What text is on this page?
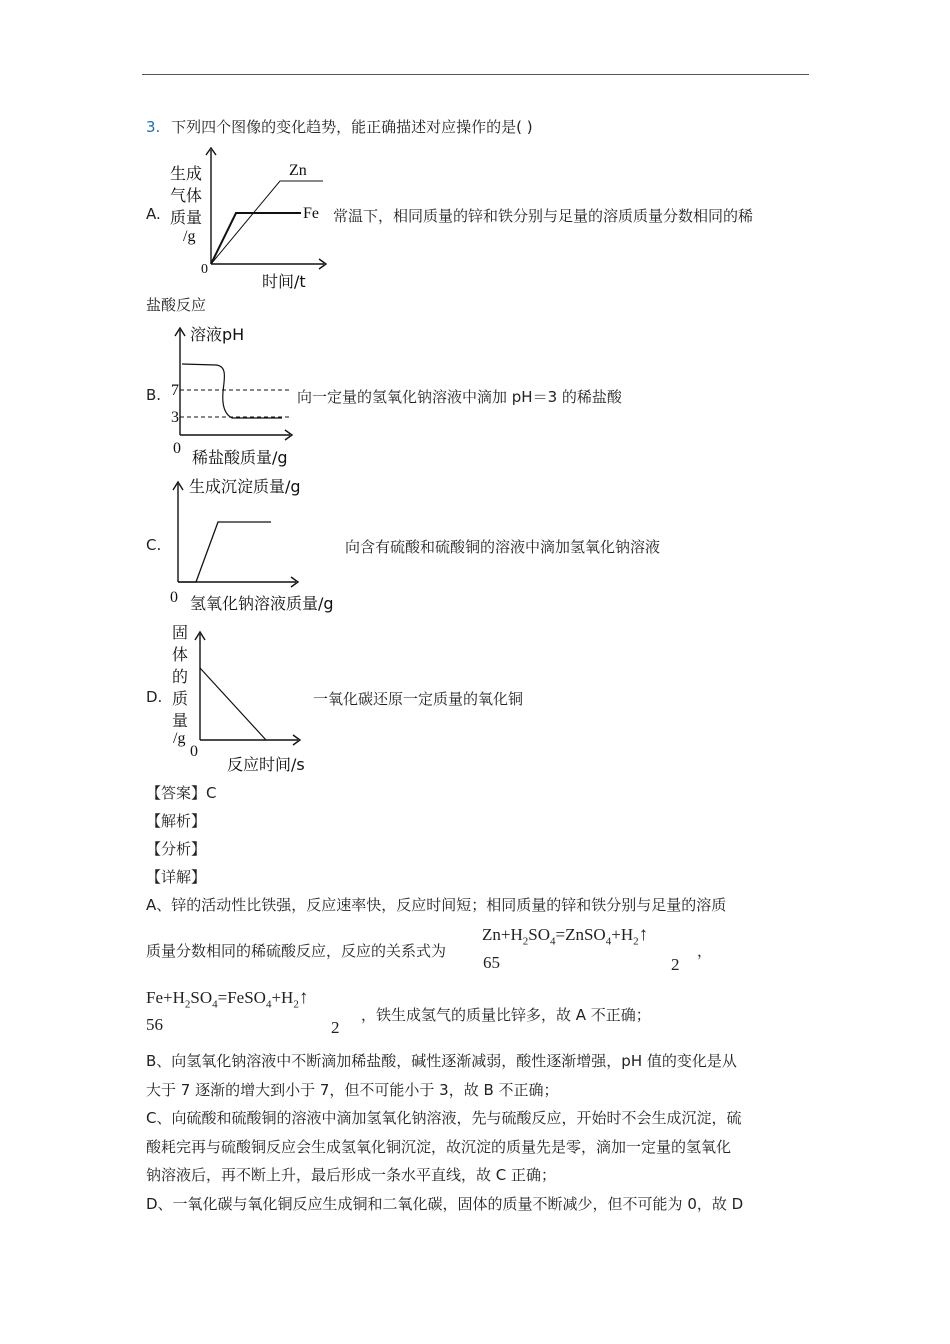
3. 下列四个图像的变化趋势，能正确描述对应操作的是( )
A.
生成
气体
质量
/g
0
时间/t
Zn
Fe 常温下，相同质量的锌和铁分别与足量的溶质质量分数相同的稀
盐酸反应
B.
溶液pH
7
3
0 稀盐酸质量/g
向一定量的氢氧化钠溶液中滴加 pH＝3 的稀盐酸
C.
生成沉淀质量/g
0 氢氧化钠溶液质量/g
向含有硫酸和硫酸铜的溶液中滴加氢氧化钠溶液
D.
固
体
的
质
量
/g
0
反应时间/s
一氧化碳还原一定质量的氧化铜
【答案】C
【解析】
【分析】
【详解】
A、锌的活动性比铁强，反应速率快，反应时间短；相同质量的锌和铁分别与足量的溶质
质量分数相同的稀硫酸反应，反应的关系式为
$Zn+H_2SO_4=ZnSO_4+H_2↑$
65	2
，
$Fe+H_2SO_4=FeSO_4+H_2↑$
56	2
，铁生成氢气的质量比锌多，故 A 不正确；
B、向氢氧化钠溶液中不断滴加稀盐酸，碱性逐渐减弱，酸性逐渐增强，pH 值的变化是从
大于 7 逐渐的增大到小于 7，但不可能小于 3，故 B 不正确；
C、向硫酸和硫酸铜的溶液中滴加氢氧化钠溶液，先与硫酸反应，开始时不会生成沉淀，硫
酸耗完再与硫酸铜反应会生成氢氧化铜沉淀，故沉淀的质量先是零，滴加一定量的氢氧化
钠溶液后，再不断上升，最后形成一条水平直线，故 C 正确；
D、一氧化碳与氧化铜反应生成铜和二氧化碳，固体的质量不断减少，但不可能为 0，故 D
